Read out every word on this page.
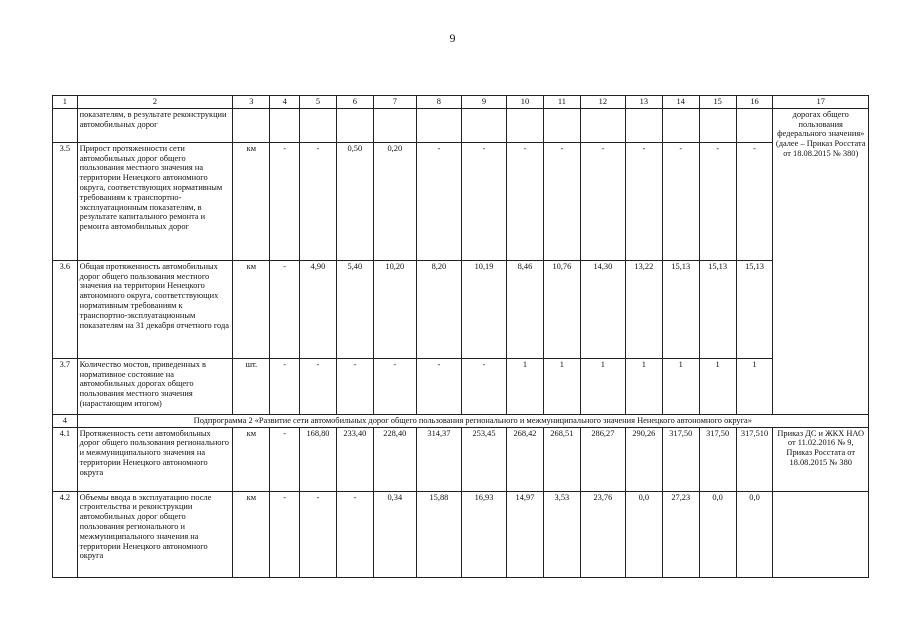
9
1	2	3	4	5	6	7	8	9	10	11	12	13	14	15	16	17
	показателям, в результате реконструкции автомобильных дорог															дорогах общего пользования федерального значения» (далее – Приказ Росстата от 18.08.2015 № 380)
3.5	Прирост протяженности сети автомобильных дорог общего пользования местного значения на территории Ненецкого автономного округа, соответствующих нормативным требованиям к транспортно-эксплуатационным показателям, в результате капитального ремонта и ремонта автомобильных дорог	км	-	-	0,50	0,20	-	-	-	-	-	-	-	-	-	
3.6	Общая протяженность автомобильных дорог общего пользования местного значения на территории Ненецкого автономного округа, соответствующих нормативным требованиям к транспортно-эксплуатационным показателям на 31 декабря отчетного года	км	-	4,90	5,40	10,20	8,20	10,19	8,46	10,76	14,30	13,22	15,13	15,13	15,13	
3.7	Количество мостов, приведенных в нормативное состояние на автомобильных дорогах общего пользования местного значения (нарастающим итогом)	шт.	-	-	-	-	-	-	1	1	1	1	1	1	1	
4	Подпрограмма 2 «Развитие сети автомобильных дорог общего пользования регионального и межмуниципального значения Ненецкого автономного округа»															
4.1	Протяженность сети автомобильных дорог общего пользования регионального и межмуниципального значения на территории Ненецкого автономного округа	км	-	168,80	233,40	228,40	314,37	253,45	268,42	268,51	286,27	290,26	317,50	317,50	317,510	Приказ ДС и ЖКХ НАО от 11.02.2016 № 9, Приказ Росстата от 18.08.2015 № 380
4.2	Объемы ввода в эксплуатацию после строительства и реконструкции автомобильных дорог общего пользования регионального и межмуниципального значения на территории Ненецкого автономного округа	км	-	-	-	0,34	15,88	16,93	14,97	3,53	23,76	0,0	27,23	0,0	0,0	
